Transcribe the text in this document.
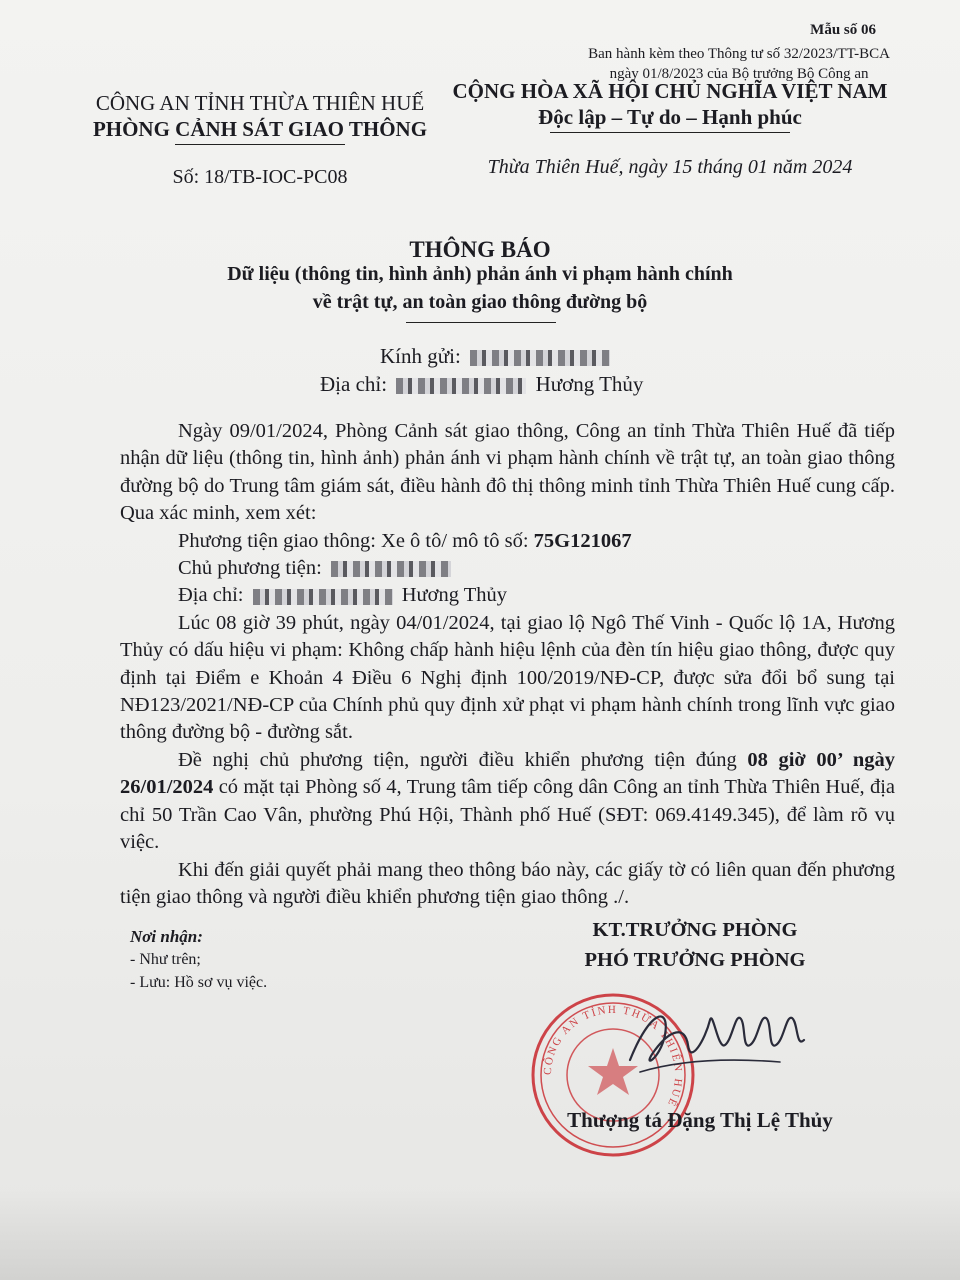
Mẫu số 06
Ban hành kèm theo Thông tư số 32/2023/TT-BCA
ngày 01/8/2023 của Bộ trưởng Bộ Công an
CÔNG AN TỈNH THỪA THIÊN HUẾ
PHÒNG CẢNH SÁT GIAO THÔNG
Số: 18/TB-IOC-PC08
CỘNG HÒA XÃ HỘI CHỦ NGHĨA VIỆT NAM
Độc lập – Tự do – Hạnh phúc
Thừa Thiên Huế, ngày 15 tháng 01 năm 2024
THÔNG BÁO
Dữ liệu (thông tin, hình ảnh) phản ánh vi phạm hành chính
về trật tự, an toàn giao thông đường bộ
Kính gửi:
Địa chỉ:	Hương Thủy

Ngày 09/01/2024, Phòng Cảnh sát giao thông, Công an tỉnh Thừa Thiên Huế đã tiếp nhận dữ liệu (thông tin, hình ảnh) phản ánh vi phạm hành chính về trật tự, an toàn giao thông đường bộ do Trung tâm giám sát, điều hành đô thị thông minh tỉnh Thừa Thiên Huế cung cấp. Qua xác minh, xem xét:

Phương tiện giao thông: Xe ô tô/ mô tô số: 75G121067

Chủ phương tiện:

Địa chỉ:	Hương Thủy

Lúc 08 giờ 39 phút, ngày 04/01/2024, tại giao lộ Ngô Thế Vinh - Quốc lộ 1A, Hương Thủy có dấu hiệu vi phạm: Không chấp hành hiệu lệnh của đèn tín hiệu giao thông, được quy định tại Điểm e Khoản 4 Điều 6 Nghị định 100/2019/NĐ-CP, được sửa đổi bổ sung tại NĐ123/2021/NĐ-CP của Chính phủ quy định xử phạt vi phạm hành chính trong lĩnh vực giao thông đường bộ - đường sắt.

Đề nghị chủ phương tiện, người điều khiển phương tiện đúng 08 giờ 00’ ngày 26/01/2024 có mặt tại Phòng số 4, Trung tâm tiếp công dân Công an tỉnh Thừa Thiên Huế, địa chỉ 50 Trần Cao Vân, phường Phú Hội, Thành phố Huế (SĐT: 069.4149.345), để làm rõ vụ việc.

Khi đến giải quyết phải mang theo thông báo này, các giấy tờ có liên quan đến phương tiện giao thông và người điều khiển phương tiện giao thông ./.

Nơi nhận:
- Như trên;
- Lưu: Hồ sơ vụ việc.
KT.TRƯỞNG PHÒNG
PHÓ TRƯỞNG PHÒNG
CÔNG AN TỈNH THỪA THIÊN HUẾ
Thượng tá Đặng Thị Lệ Thủy
